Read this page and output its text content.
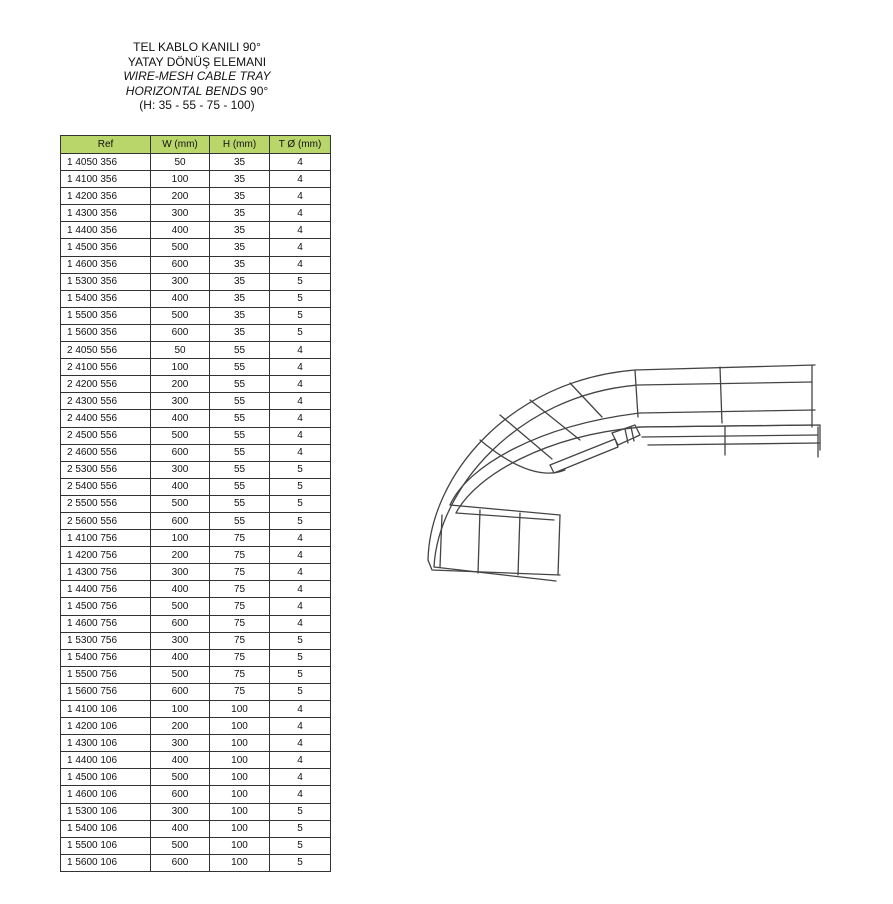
TEL KABLO KANILI 90°
YATAY DÖNÜŞ ELEMANI
WIRE-MESH CABLE TRAY
HORIZONTAL BENDS 90°
(H: 35 - 55 - 75 - 100)
Ref	W (mm)	H (mm)	T Ø (mm)
1 4050 356	50	35	4
1 4100 356	100	35	4
1 4200 356	200	35	4
1 4300 356	300	35	4
1 4400 356	400	35	4
1 4500 356	500	35	4
1 4600 356	600	35	4
1 5300 356	300	35	5
1 5400 356	400	35	5
1 5500 356	500	35	5
1 5600 356	600	35	5
2 4050 556	50	55	4
2 4100 556	100	55	4
2 4200 556	200	55	4
2 4300 556	300	55	4
2 4400 556	400	55	4
2 4500 556	500	55	4
2 4600 556	600	55	4
2 5300 556	300	55	5
2 5400 556	400	55	5
2 5500 556	500	55	5
2 5600 556	600	55	5
1 4100 756	100	75	4
1 4200 756	200	75	4
1 4300 756	300	75	4
1 4400 756	400	75	4
1 4500 756	500	75	4
1 4600 756	600	75	4
1 5300 756	300	75	5
1 5400 756	400	75	5
1 5500 756	500	75	5
1 5600 756	600	75	5
1 4100 106	100	100	4
1 4200 106	200	100	4
1 4300 106	300	100	4
1 4400 106	400	100	4
1 4500 106	500	100	4
1 4600 106	600	100	4
1 5300 106	300	100	5
1 5400 106	400	100	5
1 5500 106	500	100	5
1 5600 106	600	100	5
